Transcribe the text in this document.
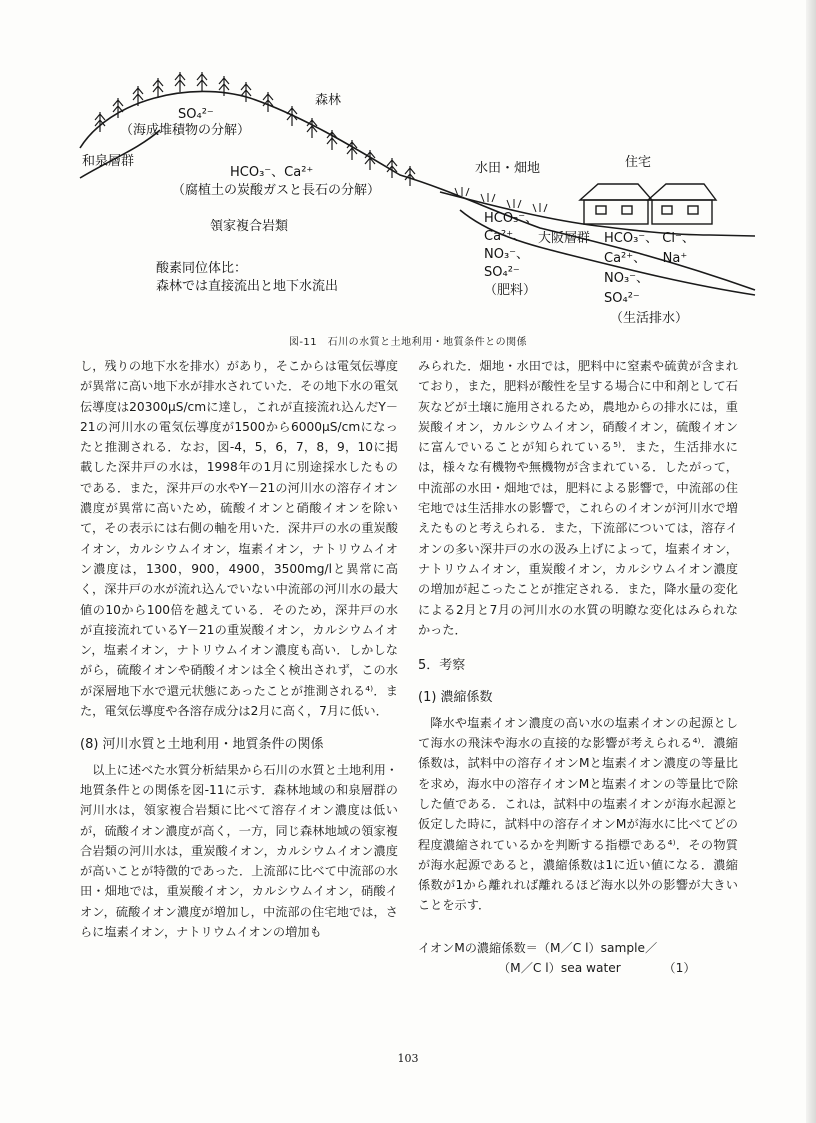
和泉層群
SO₄²⁻
（海成堆積物の分解）
森林
HCO₃⁻、Ca²⁺
（腐植土の炭酸ガスと長石の分解）
領家複合岩類
酸素同位体比：
森林では直接流出と地下水流出
水田・畑地	住宅
HCO₃⁻、
Ca²⁺、
NO₃⁻、
SO₄²⁻
（肥料）
大阪層群 HCO₃⁻、 Cl⁻、
Ca²⁺、    Na⁺
NO₃⁻、
SO₄²⁻
（生活排水）
図-11　石川の水質と土地利用・地質条件との関係

し，残りの地下水を排水）があり，そこからは電気伝導度が異常に高い地下水が排水されていた．その地下水の電気伝導度は20300μS/cmに達し，これが直接流れ込んだY－21の河川水の電気伝導度が1500から6000μS/cmになったと推測される．なお，図-4，5，6，7，8，9，10に掲載した深井戸の水は，1998年の1月に別途採水したものである．また，深井戸の水やY－21の河川水の溶存イオン濃度が異常に高いため，硫酸イオンと硝酸イオンを除いて，その表示には右側の軸を用いた．深井戸の水の重炭酸イオン，カルシウムイオン，塩素イオン，ナトリウムイオン濃度は，1300，900，4900，3500mg/lと異常に高く，深井戸の水が流れ込んでいない中流部の河川水の最大値の10から100倍を越えている．そのため，深井戸の水が直接流れているY－21の重炭酸イオン，カルシウムイオン，塩素イオン，ナトリウムイオン濃度も高い．しかしながら，硫酸イオンや硝酸イオンは全く検出されず，この水が深層地下水で還元状態にあったことが推測される⁴⁾．また，電気伝導度や各溶存成分は2月に高く，7月に低い．

(8) 河川水質と土地利用・地質条件の関係

以上に述べた水質分析結果から石川の水質と土地利用・地質条件との関係を図-11に示す．森林地域の和泉層群の河川水は，領家複合岩類に比べて溶存イオン濃度は低いが，硫酸イオン濃度が高く，一方，同じ森林地域の領家複合岩類の河川水は，重炭酸イオン，カルシウムイオン濃度が高いことが特徴的であった．上流部に比べて中流部の水田・畑地では，重炭酸イオン，カルシウムイオン，硝酸イオン，硫酸イオン濃度が増加し，中流部の住宅地では，さらに塩素イオン，ナトリウムイオンの増加も

みられた．畑地・水田では，肥料中に窒素や硫黄が含まれており，また，肥料が酸性を呈する場合に中和剤として石灰などが土壌に施用されるため，農地からの排水には，重炭酸イオン，カルシウムイオン，硝酸イオン，硫酸イオンに富んでいることが知られている⁵⁾．また，生活排水には，様々な有機物や無機物が含まれている．したがって，中流部の水田・畑地では，肥料による影響で，中流部の住宅地では生活排水の影響で，これらのイオンが河川水で増えたものと考えられる．また，下流部については，溶存イオンの多い深井戸の水の汲み上げによって，塩素イオン，ナトリウムイオン，重炭酸イオン，カルシウムイオン濃度の増加が起こったことが推定される．また，降水量の変化による2月と7月の河川水の水質の明瞭な変化はみられなかった．

5．考察
(1) 濃縮係数

降水や塩素イオン濃度の高い水の塩素イオンの起源として海水の飛沫や海水の直接的な影響が考えられる⁴⁾．濃縮係数は，試料中の溶存イオンMと塩素イオン濃度の等量比を求め，海水中の溶存イオンMと塩素イオンの等量比で除した値である．これは，試料中の塩素イオンが海水起源と仮定した時に，試料中の溶存イオンMが海水に比べてどの程度濃縮されているかを判断する指標である⁴⁾．その物質が海水起源であると，濃縮係数は1に近い値になる．濃縮係数が1から離れれば離れるほど海水以外の影響が大きいことを示す．

イオンMの濃縮係数＝（M／C l）sample／
（M／C l）sea water　　　　（1）
103
